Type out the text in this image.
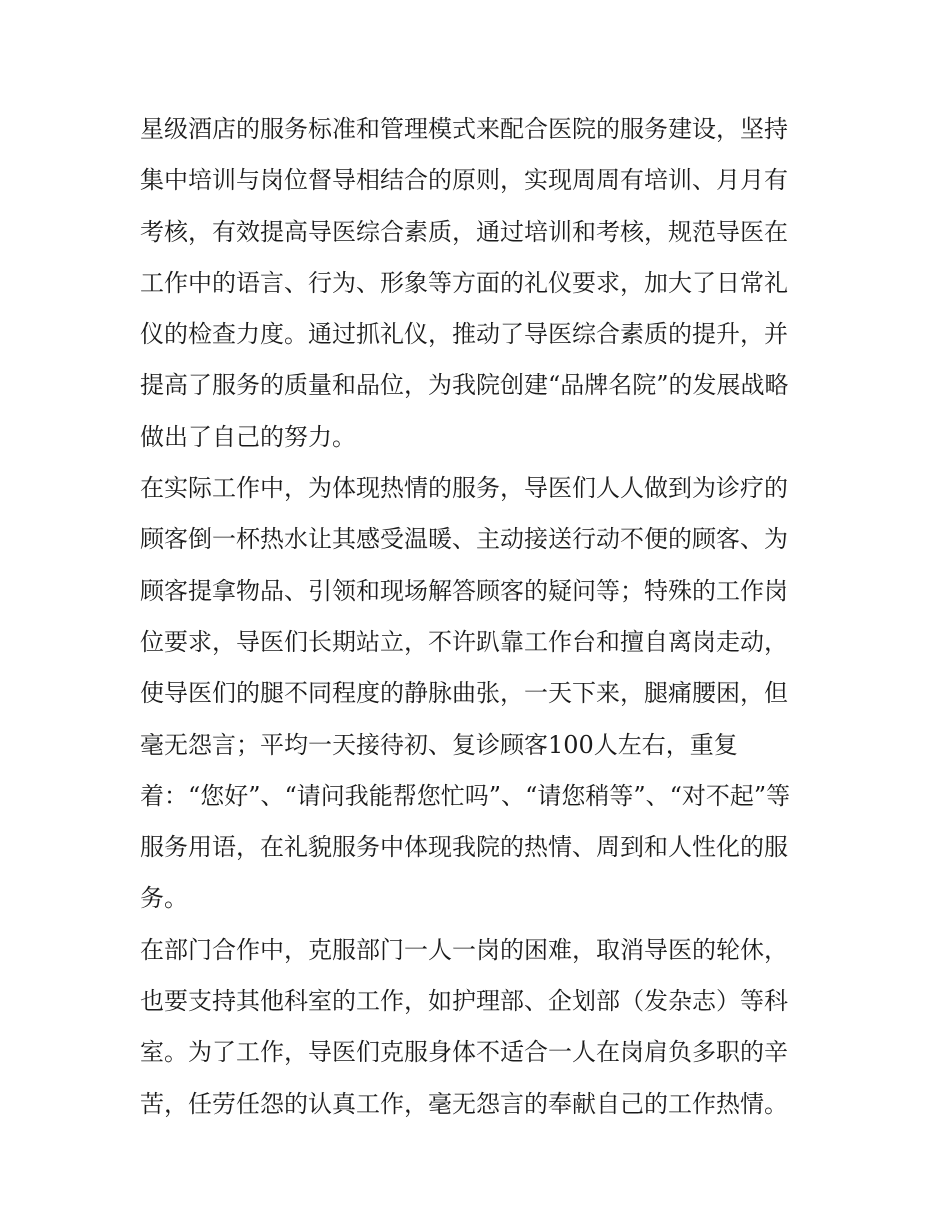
星级酒店的服务标准和管理模式来配合医院的服务建设，坚持
集中培训与岗位督导相结合的原则，实现周周有培训、月月有
考核，有效提高导医综合素质，通过培训和考核，规范导医在
工作中的语言、行为、形象等方面的礼仪要求，加大了日常礼
仪的检查力度。通过抓礼仪，推动了导医综合素质的提升，并
提高了服务的质量和品位，为我院创建“品牌名院”的发展战略
做出了自己的努力。
在实际工作中，为体现热情的服务，导医们人人做到为诊疗的
顾客倒一杯热水让其感受温暖、主动接送行动不便的顾客、为
顾客提拿物品、引领和现场解答顾客的疑问等；特殊的工作岗
位要求，导医们长期站立，不许趴靠工作台和擅自离岗走动，
使导医们的腿不同程度的静脉曲张，一天下来，腿痛腰困，但
毫无怨言；平均一天接待初、复诊顾客100人左右，重复
着：“您好”、“请问我能帮您忙吗”、“请您稍等”、“对不起”等
服务用语，在礼貌服务中体现我院的热情、周到和人性化的服
务。
在部门合作中，克服部门一人一岗的困难，取消导医的轮休，
也要支持其他科室的工作，如护理部、企划部（发杂志）等科
室。为了工作，导医们克服身体不适合一人在岗肩负多职的辛
苦，任劳任怨的认真工作，毫无怨言的奉献自己的工作热情。
